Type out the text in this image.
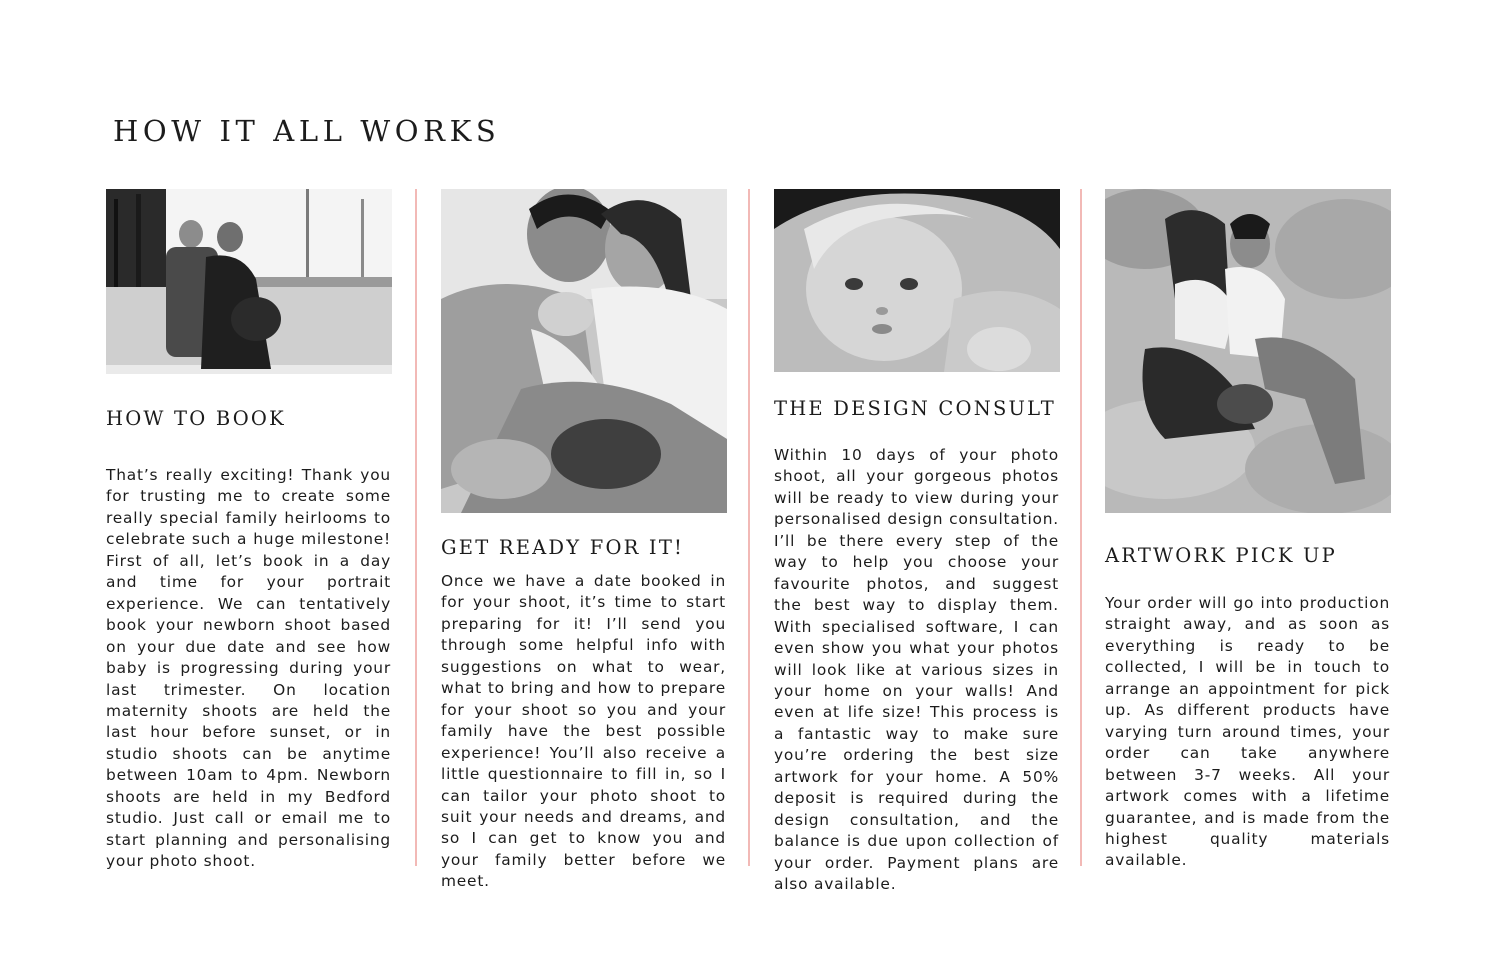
HOW IT ALL WORKS
HOW TO BOOK

That’s really exciting! Thank you for trusting me to create some really special family heirlooms to celebrate such a huge milestone! First of all, let’s book in a day and time for your portrait experience. We can tentatively book your newborn shoot based on your due date and see how baby is progressing during your last trimester. On location maternity shoots are held the last hour before sunset, or in studio shoots can be anytime between 10am to 4pm. Newborn shoots are held in my Bedford studio. Just call or email me to start planning and personalising your photo shoot.

GET READY FOR IT!

Once we have a date booked in for your shoot, it’s time to start preparing for it! I’ll send you through some helpful info with suggestions on what to wear, what to bring and how to prepare for your shoot so you and your family have the best possible experience! You’ll also receive a little questionnaire to fill in, so I can tailor your photo shoot to suit your needs and dreams, and so I can get to know you and your family better before we meet.

THE DESIGN CONSULT

Within 10 days of your photo shoot, all your gorgeous photos will be ready to view during your personalised design consultation. I’ll be there every step of the way to help you choose your favourite photos, and suggest the best way to display them. With specialised software, I can even show you what your photos will look like at various sizes in your home on your walls! And even at life size! This process is a fantastic way to make sure you’re ordering the best size artwork for your home. A 50% deposit is required during the design consultation, and the balance is due upon collection of your order. Payment plans are also available.

ARTWORK PICK UP

Your order will go into production straight away, and as soon as everything is ready to be collected, I will be in touch to arrange an appointment for pick up. As different products have varying turn around times, your order can take anywhere between 3-7 weeks. All your artwork comes with a lifetime guarantee, and is made from the highest quality materials available.
